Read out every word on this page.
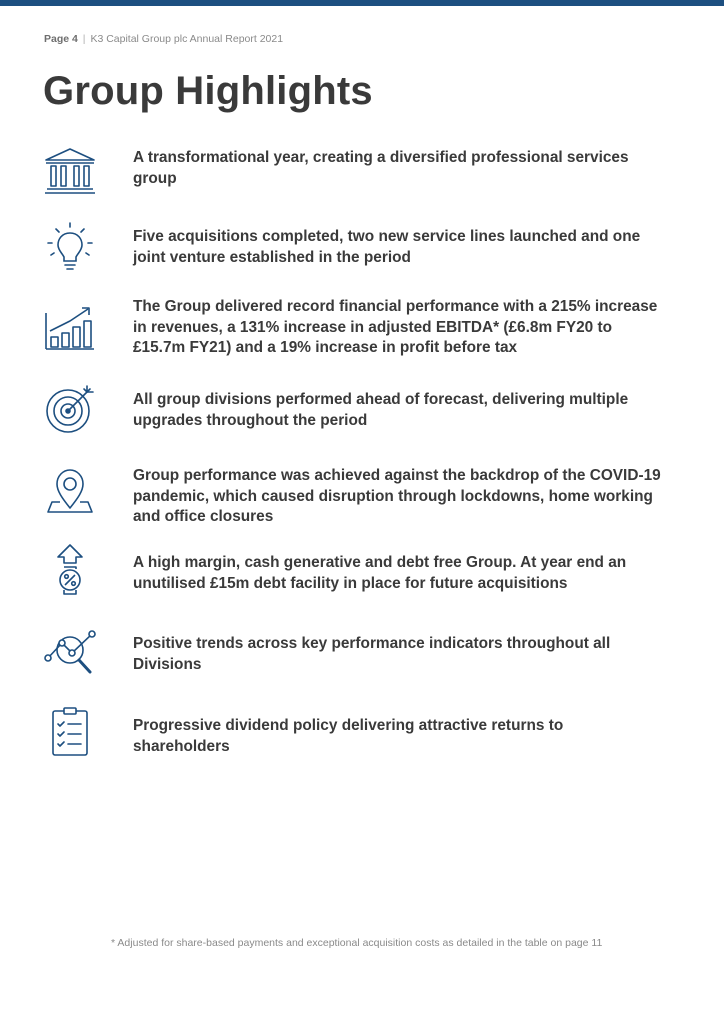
Page 4 | K3 Capital Group plc Annual Report 2021
Group Highlights
A transformational year, creating a diversified professional services group
Five acquisitions completed, two new service lines launched and one joint venture established in the period
The Group delivered record financial performance with a 215% increase in revenues, a 131% increase in adjusted EBITDA* (£6.8m FY20 to £15.7m FY21) and a 19% increase in profit before tax
All group divisions performed ahead of forecast, delivering multiple upgrades throughout the period
Group performance was achieved against the backdrop of the COVID-19 pandemic, which caused disruption through lockdowns, home working and office closures
A high margin, cash generative and debt free Group. At year end an unutilised £15m debt facility in place for future acquisitions
Positive trends across key performance indicators throughout all Divisions
Progressive dividend policy delivering attractive returns to shareholders
* Adjusted for share-based payments and exceptional acquisition costs as detailed in the table on page 11
